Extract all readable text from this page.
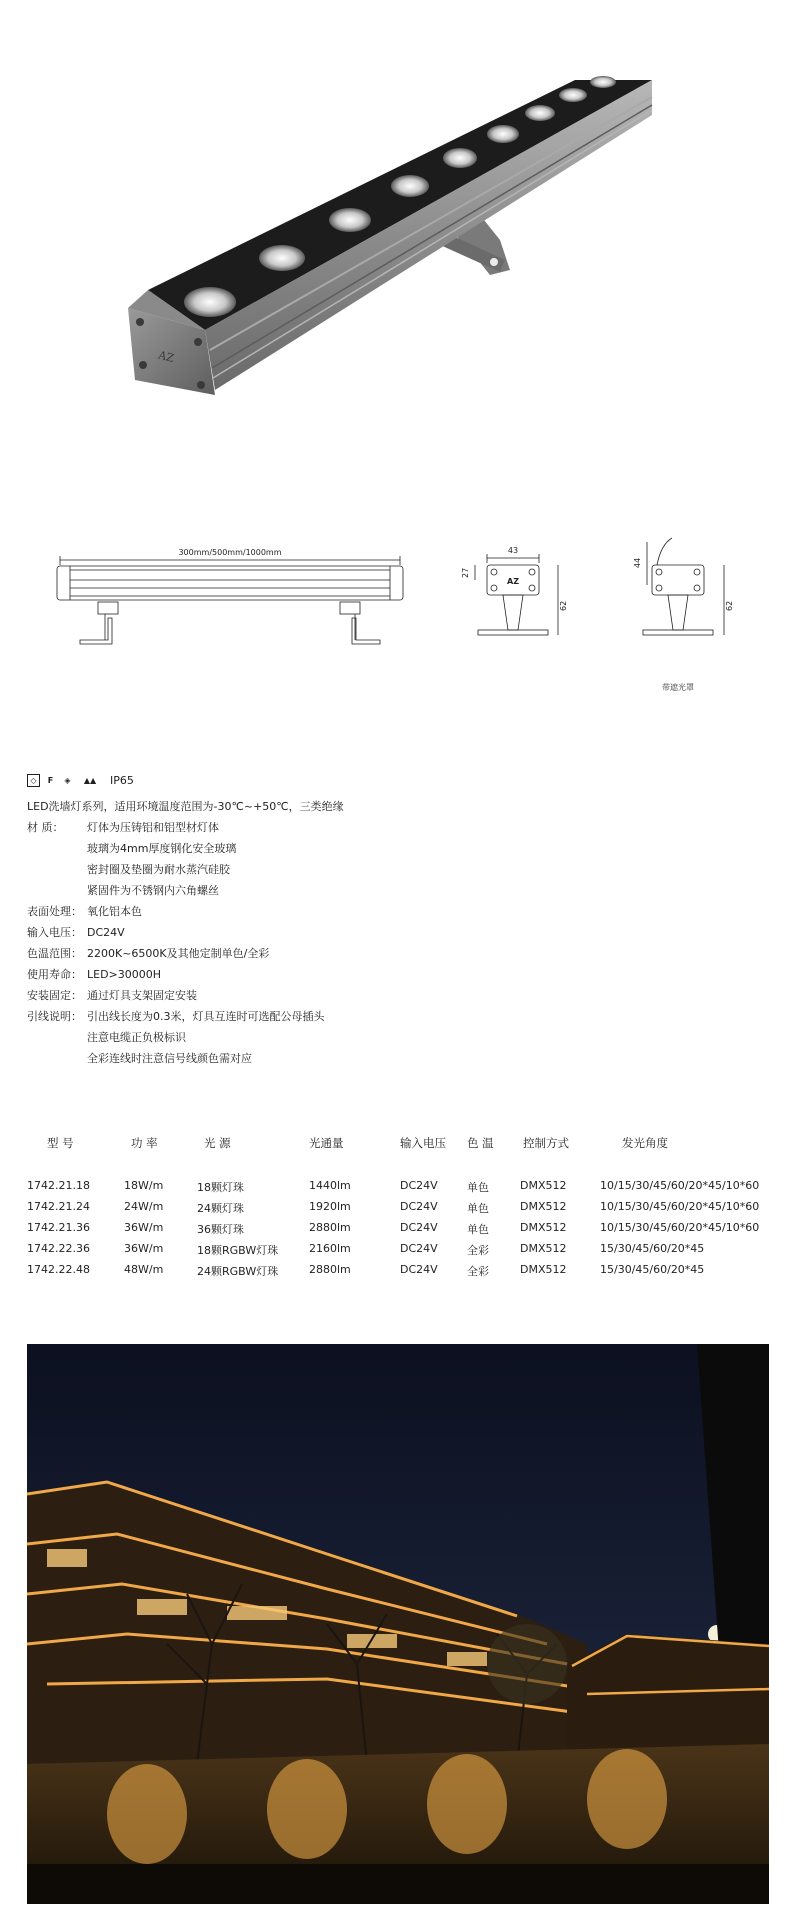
AZ
300mm/500mm/1000mm	43
AZ
27
62
44
62
带遮光罩
◇	F	◈	▲▲	IP65
LED洗墙灯系列，适用环境温度范围为-30℃~+50℃，三类绝缘
材 质：	灯体为压铸铝和铝型材灯体
玻璃为4mm厚度钢化安全玻璃
密封圈及垫圈为耐水蒸汽硅胶
紧固件为不锈钢内六角螺丝
表面处理： 氧化铝本色
输入电压： DC24V
色温范围： 2200K~6500K及其他定制单色/全彩
使用寿命： LED>30000H
安装固定： 通过灯具支架固定安装
引线说明： 引出线长度为0.3米，灯具互连时可选配公母插头
注意电缆正负极标识
全彩连线时注意信号线颜色需对应
型 号	功 率	光 源	光通量	输入电压 色 温	控制方式	发光角度
1742.21.18	18W/m	18颗灯珠	1440lm	DC24V	单色	DMX512	10/15/30/45/60/20*45/10*60
1742.21.24	24W/m	24颗灯珠	1920lm	DC24V	单色	DMX512	10/15/30/45/60/20*45/10*60
1742.21.36	36W/m	36颗灯珠	2880lm	DC24V	单色	DMX512	10/15/30/45/60/20*45/10*60
1742.22.36	36W/m	18颗RGBW灯珠	2160lm	DC24V	全彩	DMX512	15/30/45/60/20*45
1742.22.48	48W/m	24颗RGBW灯珠	2880lm	DC24V	全彩	DMX512	15/30/45/60/20*45
